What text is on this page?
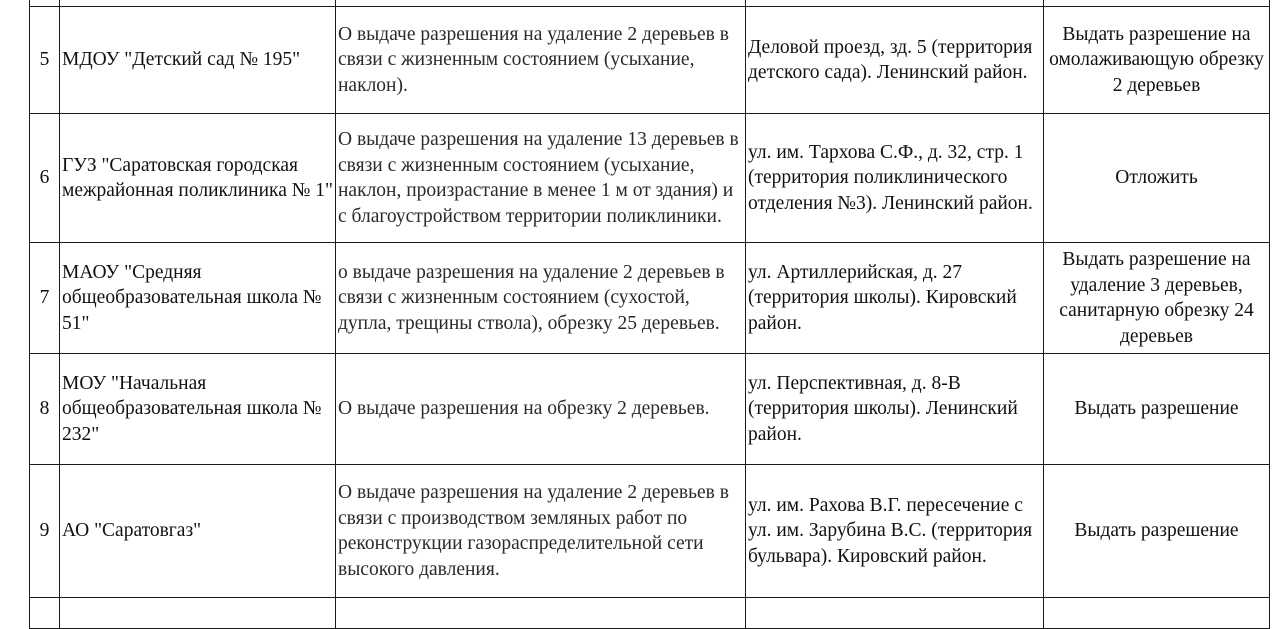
5	МДОУ "Детский сад № 195"	О выдаче разрешения на удаление 2 деревьев в связи с жизненным состоянием (усыхание, наклон).	Деловой проезд, зд. 5 (территория детского сада). Ленинский район.	Выдать разрешение на омолаживающую обрезку 2 деревьев
6	ГУЗ "Саратовская городская межрайонная поликлиника № 1"	О выдаче разрешения на удаление 13 деревьев в связи с жизненным состоянием (усыхание, наклон, произрастание в менее 1 м от здания) и с благоустройством территории поликлиники.	ул. им. Тархова С.Ф., д. 32, стр. 1 (территория поликлинического отделения №3). Ленинский район.	Отложить
7	МАОУ "Средняя общеобразовательная школа № 51"	о выдаче разрешения на удаление 2 деревьев в связи с жизненным состоянием (сухостой, дупла, трещины ствола), обрезку 25 деревьев.	ул. Артиллерийская, д. 27 (территория школы). Кировский район.	Выдать разрешение на удаление 3 деревьев, санитарную обрезку 24 деревьев
8	МОУ "Начальная общеобразовательная школа № 232"	О выдаче разрешения на обрезку 2 деревьев.	ул. Перспективная, д. 8-В (территория школы). Ленинский район.	Выдать разрешение
9	АО "Саратовгаз"	О выдаче разрешения на удаление 2 деревьев в связи с производством земляных работ по реконструкции газораспределительной сети высокого давления.	ул. им. Рахова В.Г. пересечение с ул. им. Зарубина В.С. (территория бульвара). Кировский район.	Выдать разрешение
